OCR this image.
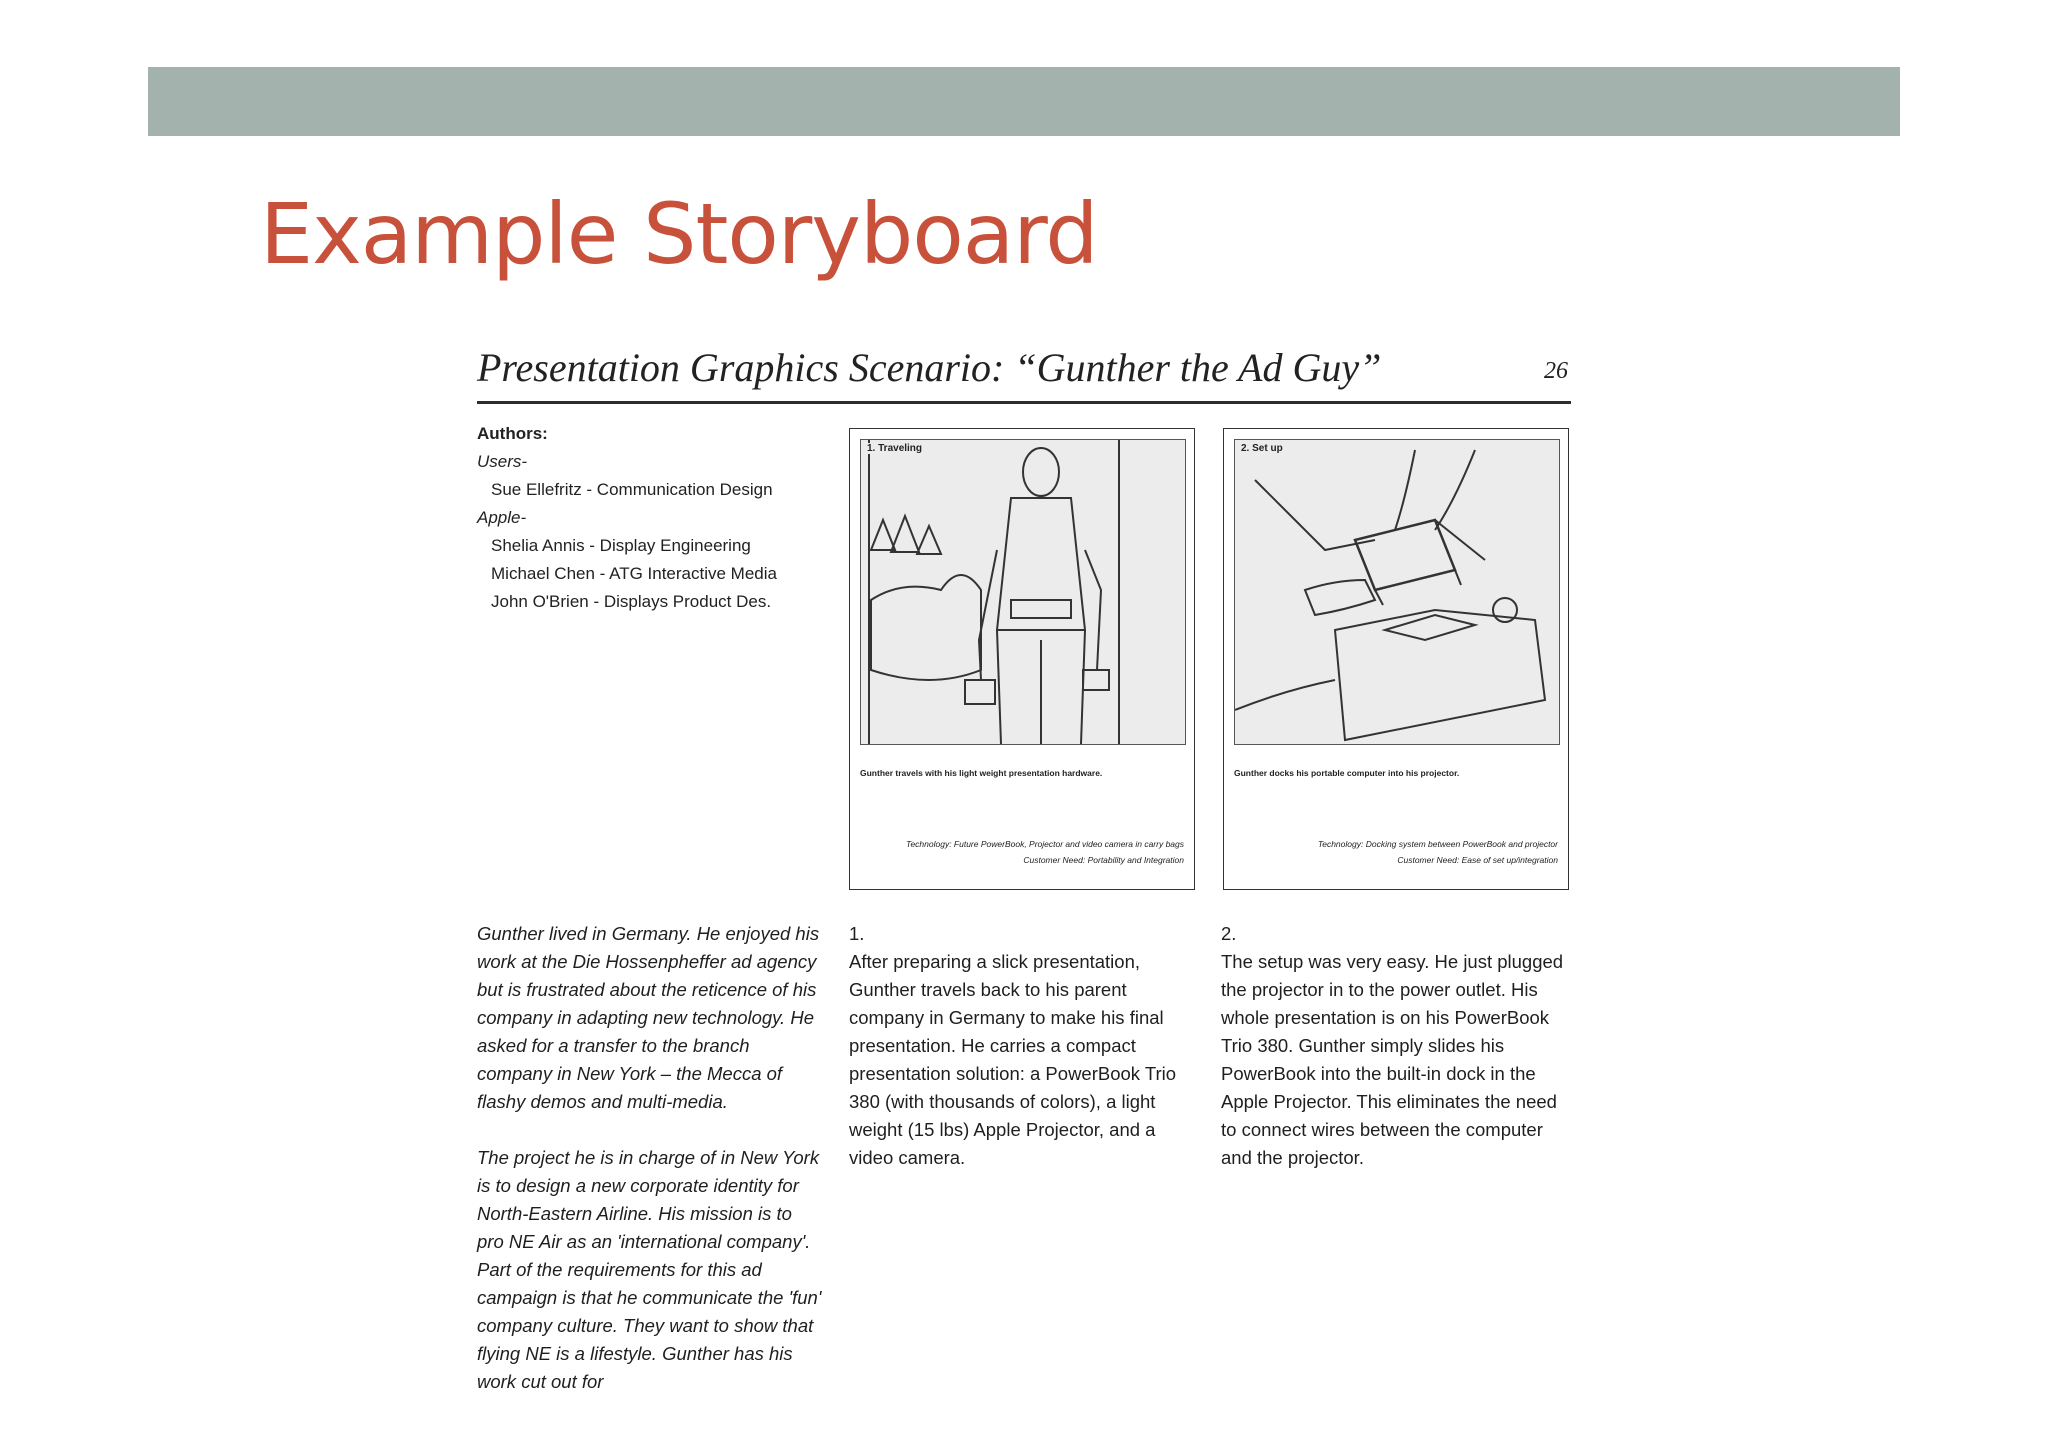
Example Storyboard
Presentation Graphics Scenario: “Gunther the Ad Guy”	26
Authors:
Users-
Sue Ellefritz - Communication Design
Apple-
Shelia Annis - Display Engineering
Michael Chen - ATG Interactive Media
John O'Brien - Displays Product Des.
1. Traveling
Gunther travels with his light weight presentation hardware.
Technology: Future PowerBook, Projector and video camera in carry bags
Customer Need: Portability and Integration
2. Set up
Gunther docks his portable computer into his projector.
Technology: Docking system between PowerBook and projector
Customer Need: Ease of set up/integration

Gunther lived in Germany. He enjoyed his work at the Die Hossenpheffer ad agency but is frustrated about the reticence of his company in adapting new technology. He asked for a transfer to the branch company in New York – the Mecca of flashy demos and multi-media.

The project he is in charge of in New York is to design a new corporate identity for North-Eastern Airline. His mission is to pro NE Air as an 'international company'. Part of the requirements for this ad campaign is that he communicate the 'fun' company culture. They want to show that flying NE is a lifestyle. Gunther has his work cut out for

1.

After preparing a slick presentation, Gunther travels back to his parent company in Germany to make his final presentation. He carries a compact presentation solution: a PowerBook Trio 380 (with thousands of colors), a light weight (15 lbs) Apple Projector, and a video camera.

2.

The setup was very easy. He just plugged the projector in to the power outlet. His whole presentation is on his PowerBook Trio 380. Gunther simply slides his PowerBook into the built-in dock in the Apple Projector. This eliminates the need to connect wires between the computer and the projector.
